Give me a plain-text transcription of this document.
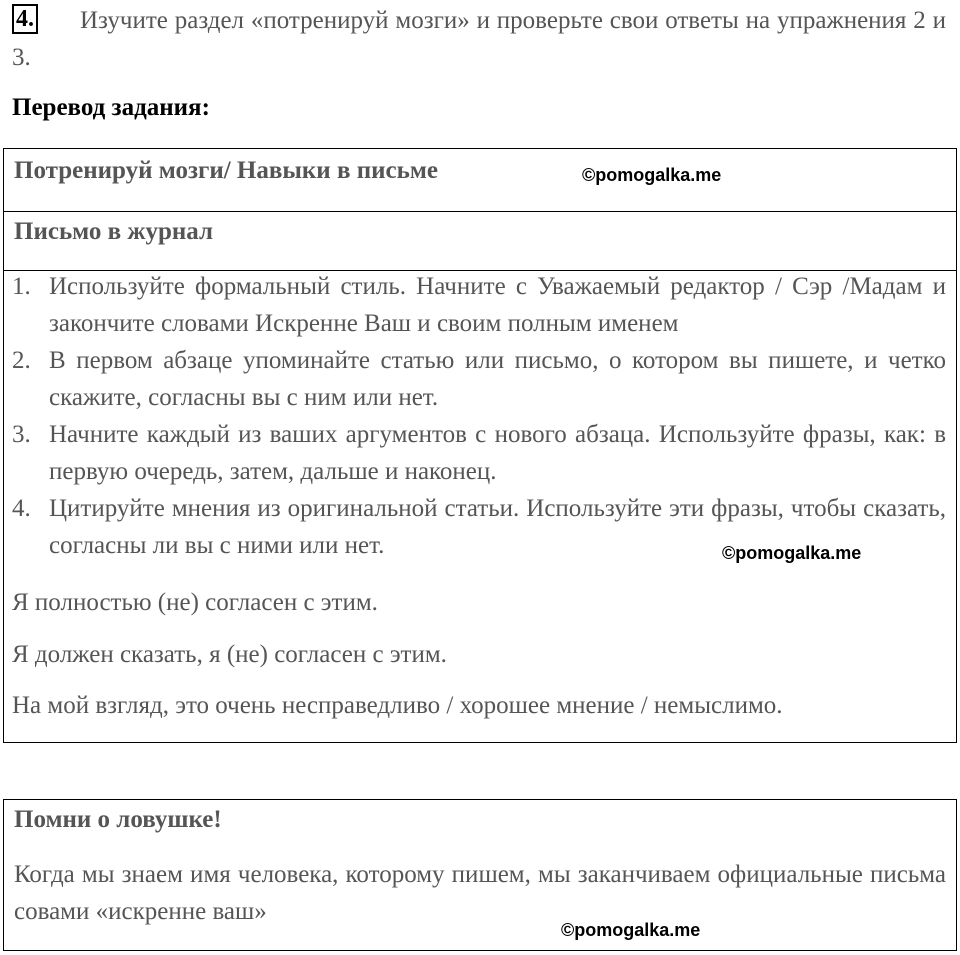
4. Изучите раздел «потренируй мозги» и проверьте свои ответы на упражнения 2 и 3.
Перевод задания:
Потренируй мозги/ Навыки в письме	©pomogalka.me
Письмо в журнал
1. Используйте формальный стиль. Начните с Уважаемый редактор / Сэр /Мадам и закончите словами Искренне Ваш и своим полным именем
2. В первом абзаце упоминайте статью или письмо, о котором вы пишете, и четко скажите, согласны вы с ним или нет.
3. Начните каждый из ваших аргументов с нового абзаца. Используйте фразы, как: в первую очередь, затем, дальше и наконец.
4. Цитируйте мнения из оригинальной статьи. Используйте эти фразы, чтобы сказать, согласны ли вы с ними или нет.	©pomogalka.me
Я полностью (не) согласен с этим.
Я должен сказать, я (не) согласен с этим.
На мой взгляд, это очень несправедливо / хорошее мнение / немыслимо.
Помни о ловушке!
Когда мы знаем имя человека, которому пишем, мы заканчиваем официальные письма совами «искренне ваш»
©pomogalka.me
